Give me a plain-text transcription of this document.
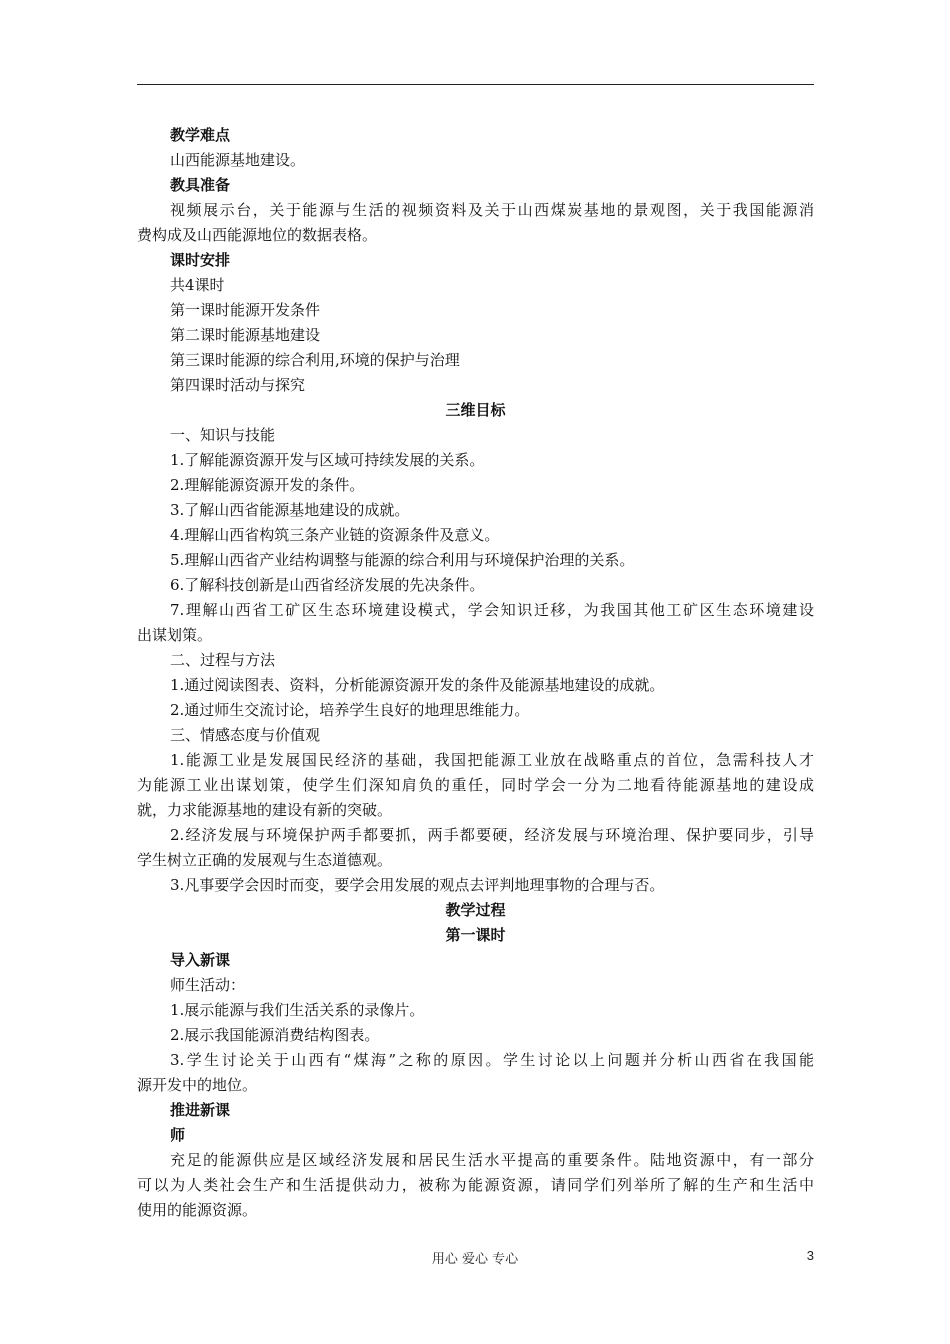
教学难点
山西能源基地建设。
教具准备
视频展示台，关于能源与生活的视频资料及关于山西煤炭基地的景观图，关于我国能源消
费构成及山西能源地位的数据表格。
课时安排
共4课时
第一课时能源开发条件
第二课时能源基地建设
第三课时能源的综合利用,环境的保护与治理
第四课时活动与探究
三维目标
一、知识与技能
1.了解能源资源开发与区域可持续发展的关系。
2.理解能源资源开发的条件。
3.了解山西省能源基地建设的成就。
4.理解山西省构筑三条产业链的资源条件及意义。
5.理解山西省产业结构调整与能源的综合利用与环境保护治理的关系。
6.了解科技创新是山西省经济发展的先决条件。
7.理解山西省工矿区生态环境建设模式，学会知识迁移，为我国其他工矿区生态环境建设
出谋划策。
二、过程与方法
1.通过阅读图表、资料，分析能源资源开发的条件及能源基地建设的成就。
2.通过师生交流讨论，培养学生良好的地理思维能力。
三、情感态度与价值观
1.能源工业是发展国民经济的基础，我国把能源工业放在战略重点的首位，急需科技人才
为能源工业出谋划策，使学生们深知肩负的重任，同时学会一分为二地看待能源基地的建设成
就，力求能源基地的建设有新的突破。
2.经济发展与环境保护两手都要抓，两手都要硬，经济发展与环境治理、保护要同步，引导
学生树立正确的发展观与生态道德观。
3.凡事要学会因时而变，要学会用发展的观点去评判地理事物的合理与否。
教学过程
第一课时
导入新课
师生活动：
1.展示能源与我们生活关系的录像片。
2.展示我国能源消费结构图表。
3.学生讨论关于山西有“煤海”之称的原因。学生讨论以上问题并分析山西省在我国能
源开发中的地位。
推进新课
师
充足的能源供应是区域经济发展和居民生活水平提高的重要条件。陆地资源中，有一部分
可以为人类社会生产和生活提供动力，被称为能源资源，请同学们列举所了解的生产和生活中
使用的能源资源。
用心 爱心 专心	3
